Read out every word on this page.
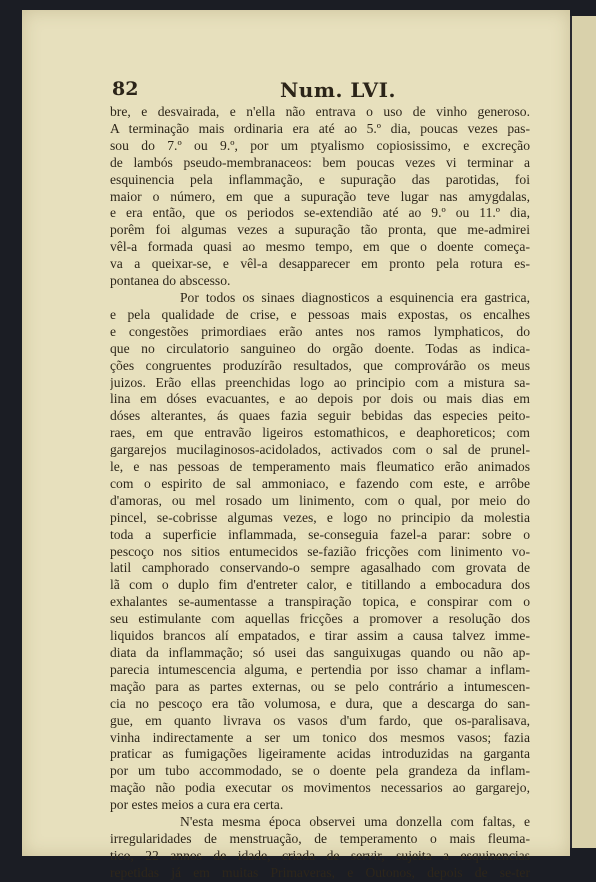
82	Num. LVI.
bre, e desvairada, e n'ella não entrava o uso de vinho generoso.
A terminação mais ordinaria era até ao 5.º dia, poucas vezes pas-
sou do 7.º ou 9.º, por um ptyalismo copiosissimo, e excreção
de lambós pseudo-membranaceos: bem poucas vezes vi terminar a
esquinencia pela inflammação, e supuração das parotidas, foi
maior o número, em que a supuração teve lugar nas amygdalas,
e era então, que os periodos se-extendião até ao 9.º ou 11.º dia,
porêm foi algumas vezes a supuração tão pronta, que me-admirei
vêl-a formada quasi ao mesmo tempo, em que o doente começa-
va a queixar-se, e vêl-a desapparecer em pronto pela rotura es-
pontanea do abscesso.
Por todos os sinaes diagnosticos a esquinencia era gastrica,
e pela qualidade de crise, e pessoas mais expostas, os encalhes
e congestões primordiaes erão antes nos ramos lymphaticos, do
que no circulatorio sanguineo do orgão doente. Todas as indica-
ções congruentes produzírão resultados, que comprovárão os meus
juizos. Erão ellas preenchidas logo ao principio com a mistura sa-
lina em dóses evacuantes, e ao depois por dois ou mais dias em
dóses alterantes, ás quaes fazia seguir bebidas das especies peito-
raes, em que entravão ligeiros estomathicos, e deaphoreticos; com
gargarejos mucilaginosos-acidolados, activados com o sal de prunel-
le, e nas pessoas de temperamento mais fleumatico erão animados
com o espirito de sal ammoniaco, e fazendo com este, e arrôbe
d'amoras, ou mel rosado um linimento, com o qual, por meio do
pincel, se-cobrisse algumas vezes, e logo no principio da molestia
toda a superficie inflammada, se-conseguia fazel-a parar: sobre o
pescoço nos sitios entumecidos se-fazião fricções com linimento vo-
latil camphorado conservando-o sempre agasalhado com grovata de
lã com o duplo fim d'entreter calor, e titillando a embocadura dos
exhalantes se-aumentasse a transpiração topica, e conspirar com o
seu estimulante com aquellas fricções a promover a resolução dos
liquidos brancos alí empatados, e tirar assim a causa talvez imme-
diata da inflammação; só usei das sanguixugas quando ou não ap-
parecia intumescencia alguma, e pertendia por isso chamar a inflam-
mação para as partes externas, ou se pelo contrário a intumescen-
cia no pescoço era tão volumosa, e dura, que a descarga do san-
gue, em quanto livrava os vasos d'um fardo, que os-paralisava,
vinha indirectamente a ser um tonico dos mesmos vasos; fazia
praticar as fumigações ligeiramente acidas introduzidas na garganta
por um tubo accommodado, se o doente pela grandeza da inflam-
mação não podia executar os movimentos necessarios ao gargarejo,
por estes meios a cura era certa.
N'esta mesma época observei uma donzella com faltas, e
irregularidades de menstruação, de temperamento o mais fleuma-
tico, 22 annos de idade, criada de servir, sujeita a esquinencias
repetidas já em muitas Primaveras, e Outonos, depois de se-ter
